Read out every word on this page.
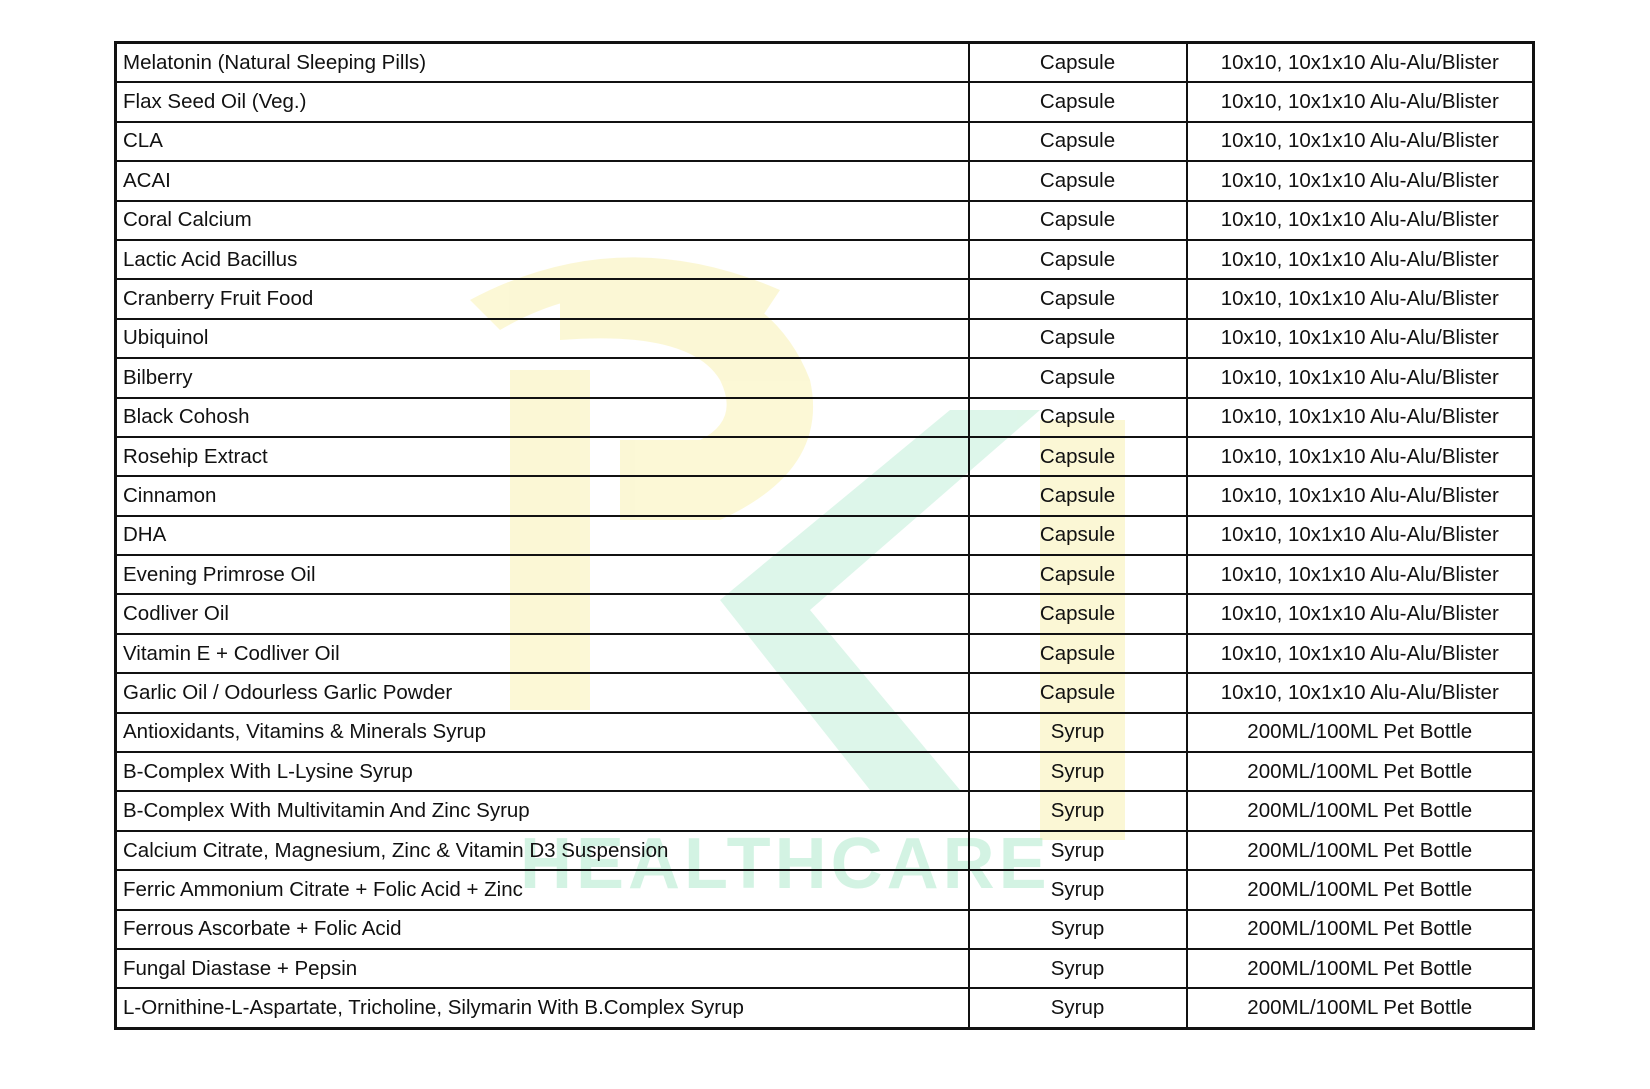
HEALTHCARE
Melatonin (Natural Sleeping Pills)	Capsule	10x10, 10x1x10 Alu-Alu/Blister
Flax Seed Oil (Veg.)	Capsule	10x10, 10x1x10 Alu-Alu/Blister
CLA	Capsule	10x10, 10x1x10 Alu-Alu/Blister
ACAI	Capsule	10x10, 10x1x10 Alu-Alu/Blister
Coral Calcium	Capsule	10x10, 10x1x10 Alu-Alu/Blister
Lactic Acid Bacillus	Capsule	10x10, 10x1x10 Alu-Alu/Blister
Cranberry Fruit Food	Capsule	10x10, 10x1x10 Alu-Alu/Blister
Ubiquinol	Capsule	10x10, 10x1x10 Alu-Alu/Blister
Bilberry	Capsule	10x10, 10x1x10 Alu-Alu/Blister
Black Cohosh	Capsule	10x10, 10x1x10 Alu-Alu/Blister
Rosehip Extract	Capsule	10x10, 10x1x10 Alu-Alu/Blister
Cinnamon	Capsule	10x10, 10x1x10 Alu-Alu/Blister
DHA	Capsule	10x10, 10x1x10 Alu-Alu/Blister
Evening Primrose Oil	Capsule	10x10, 10x1x10 Alu-Alu/Blister
Codliver Oil	Capsule	10x10, 10x1x10 Alu-Alu/Blister
Vitamin E + Codliver Oil	Capsule	10x10, 10x1x10 Alu-Alu/Blister
Garlic Oil / Odourless Garlic Powder	Capsule	10x10, 10x1x10 Alu-Alu/Blister
Antioxidants, Vitamins & Minerals Syrup	Syrup	200ML/100ML Pet Bottle
B-Complex With L-Lysine Syrup	Syrup	200ML/100ML Pet Bottle
B-Complex With Multivitamin And Zinc Syrup	Syrup	200ML/100ML Pet Bottle
Calcium Citrate, Magnesium, Zinc & Vitamin D3 Suspension	Syrup	200ML/100ML Pet Bottle
Ferric Ammonium Citrate + Folic Acid + Zinc	Syrup	200ML/100ML Pet Bottle
Ferrous Ascorbate + Folic Acid	Syrup	200ML/100ML Pet Bottle
Fungal Diastase + Pepsin	Syrup	200ML/100ML Pet Bottle
L-Ornithine-L-Aspartate, Tricholine, Silymarin With B.Complex Syrup	Syrup	200ML/100ML Pet Bottle
